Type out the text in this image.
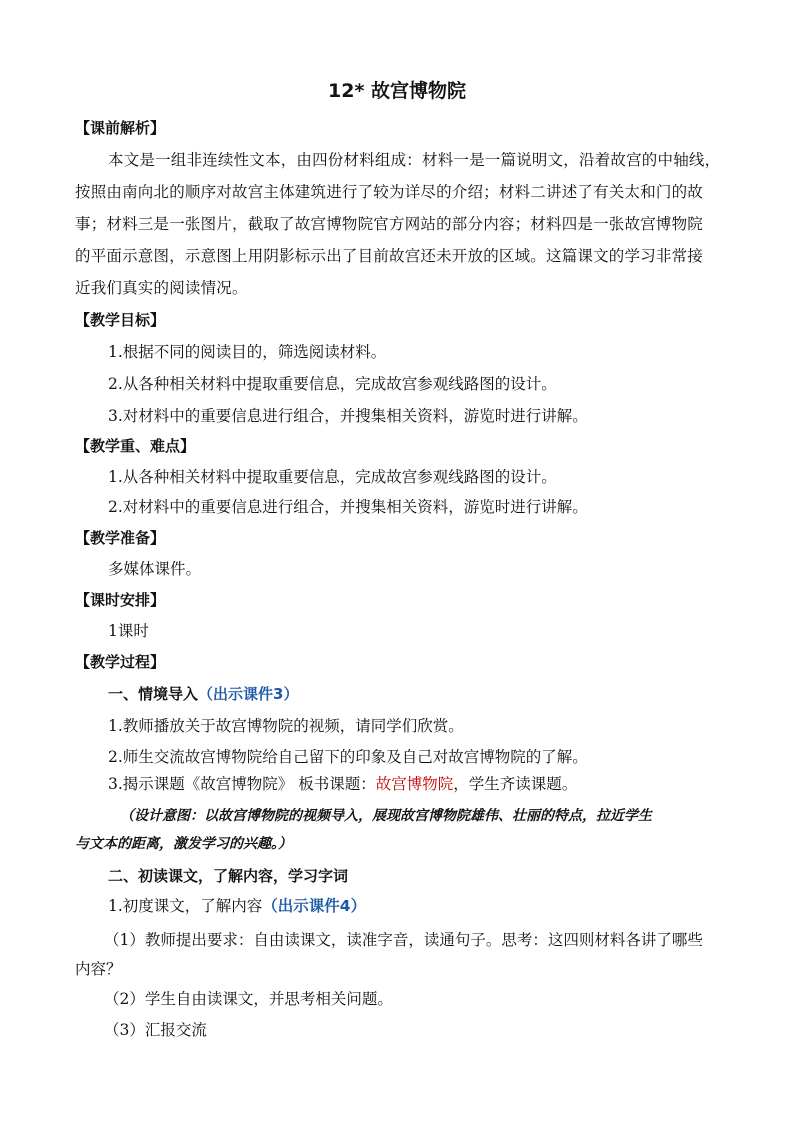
12* 故宫博物院
【课前解析】
本文是一组非连续性文本，由四份材料组成：材料一是一篇说明文，沿着故宫的中轴线，
按照由南向北的顺序对故宫主体建筑进行了较为详尽的介绍；材料二讲述了有关太和门的故
事；材料三是一张图片，截取了故宫博物院官方网站的部分内容；材料四是一张故宫博物院
的平面示意图，示意图上用阴影标示出了目前故宫还未开放的区域。这篇课文的学习非常接
近我们真实的阅读情况。
【教学目标】
1.根据不同的阅读目的，筛选阅读材料。
2.从各种相关材料中提取重要信息，完成故宫参观线路图的设计。
3.对材料中的重要信息进行组合，并搜集相关资料，游览时进行讲解。
【教学重、难点】
1.从各种相关材料中提取重要信息，完成故宫参观线路图的设计。
2.对材料中的重要信息进行组合，并搜集相关资料，游览时进行讲解。
【教学准备】
多媒体课件。
【课时安排】
1课时
【教学过程】
一、情境导入（出示课件3）
1.教师播放关于故宫博物院的视频，请同学们欣赏。
2.师生交流故宫博物院给自己留下的印象及自己对故宫博物院的了解。
3.揭示课题《故宫博物院》 板书课题：故宫博物院，学生齐读课题。
（设计意图：以故宫博物院的视频导入，展现故宫博物院雄伟、壮丽的特点，拉近学生
与文本的距离，激发学习的兴趣。）
二、初读课文，了解内容，学习字词
1.初度课文，了解内容（出示课件4）
（1）教师提出要求：自由读课文，读准字音，读通句子。思考：这四则材料各讲了哪些
内容？
（2）学生自由读课文，并思考相关问题。
（3）汇报交流
